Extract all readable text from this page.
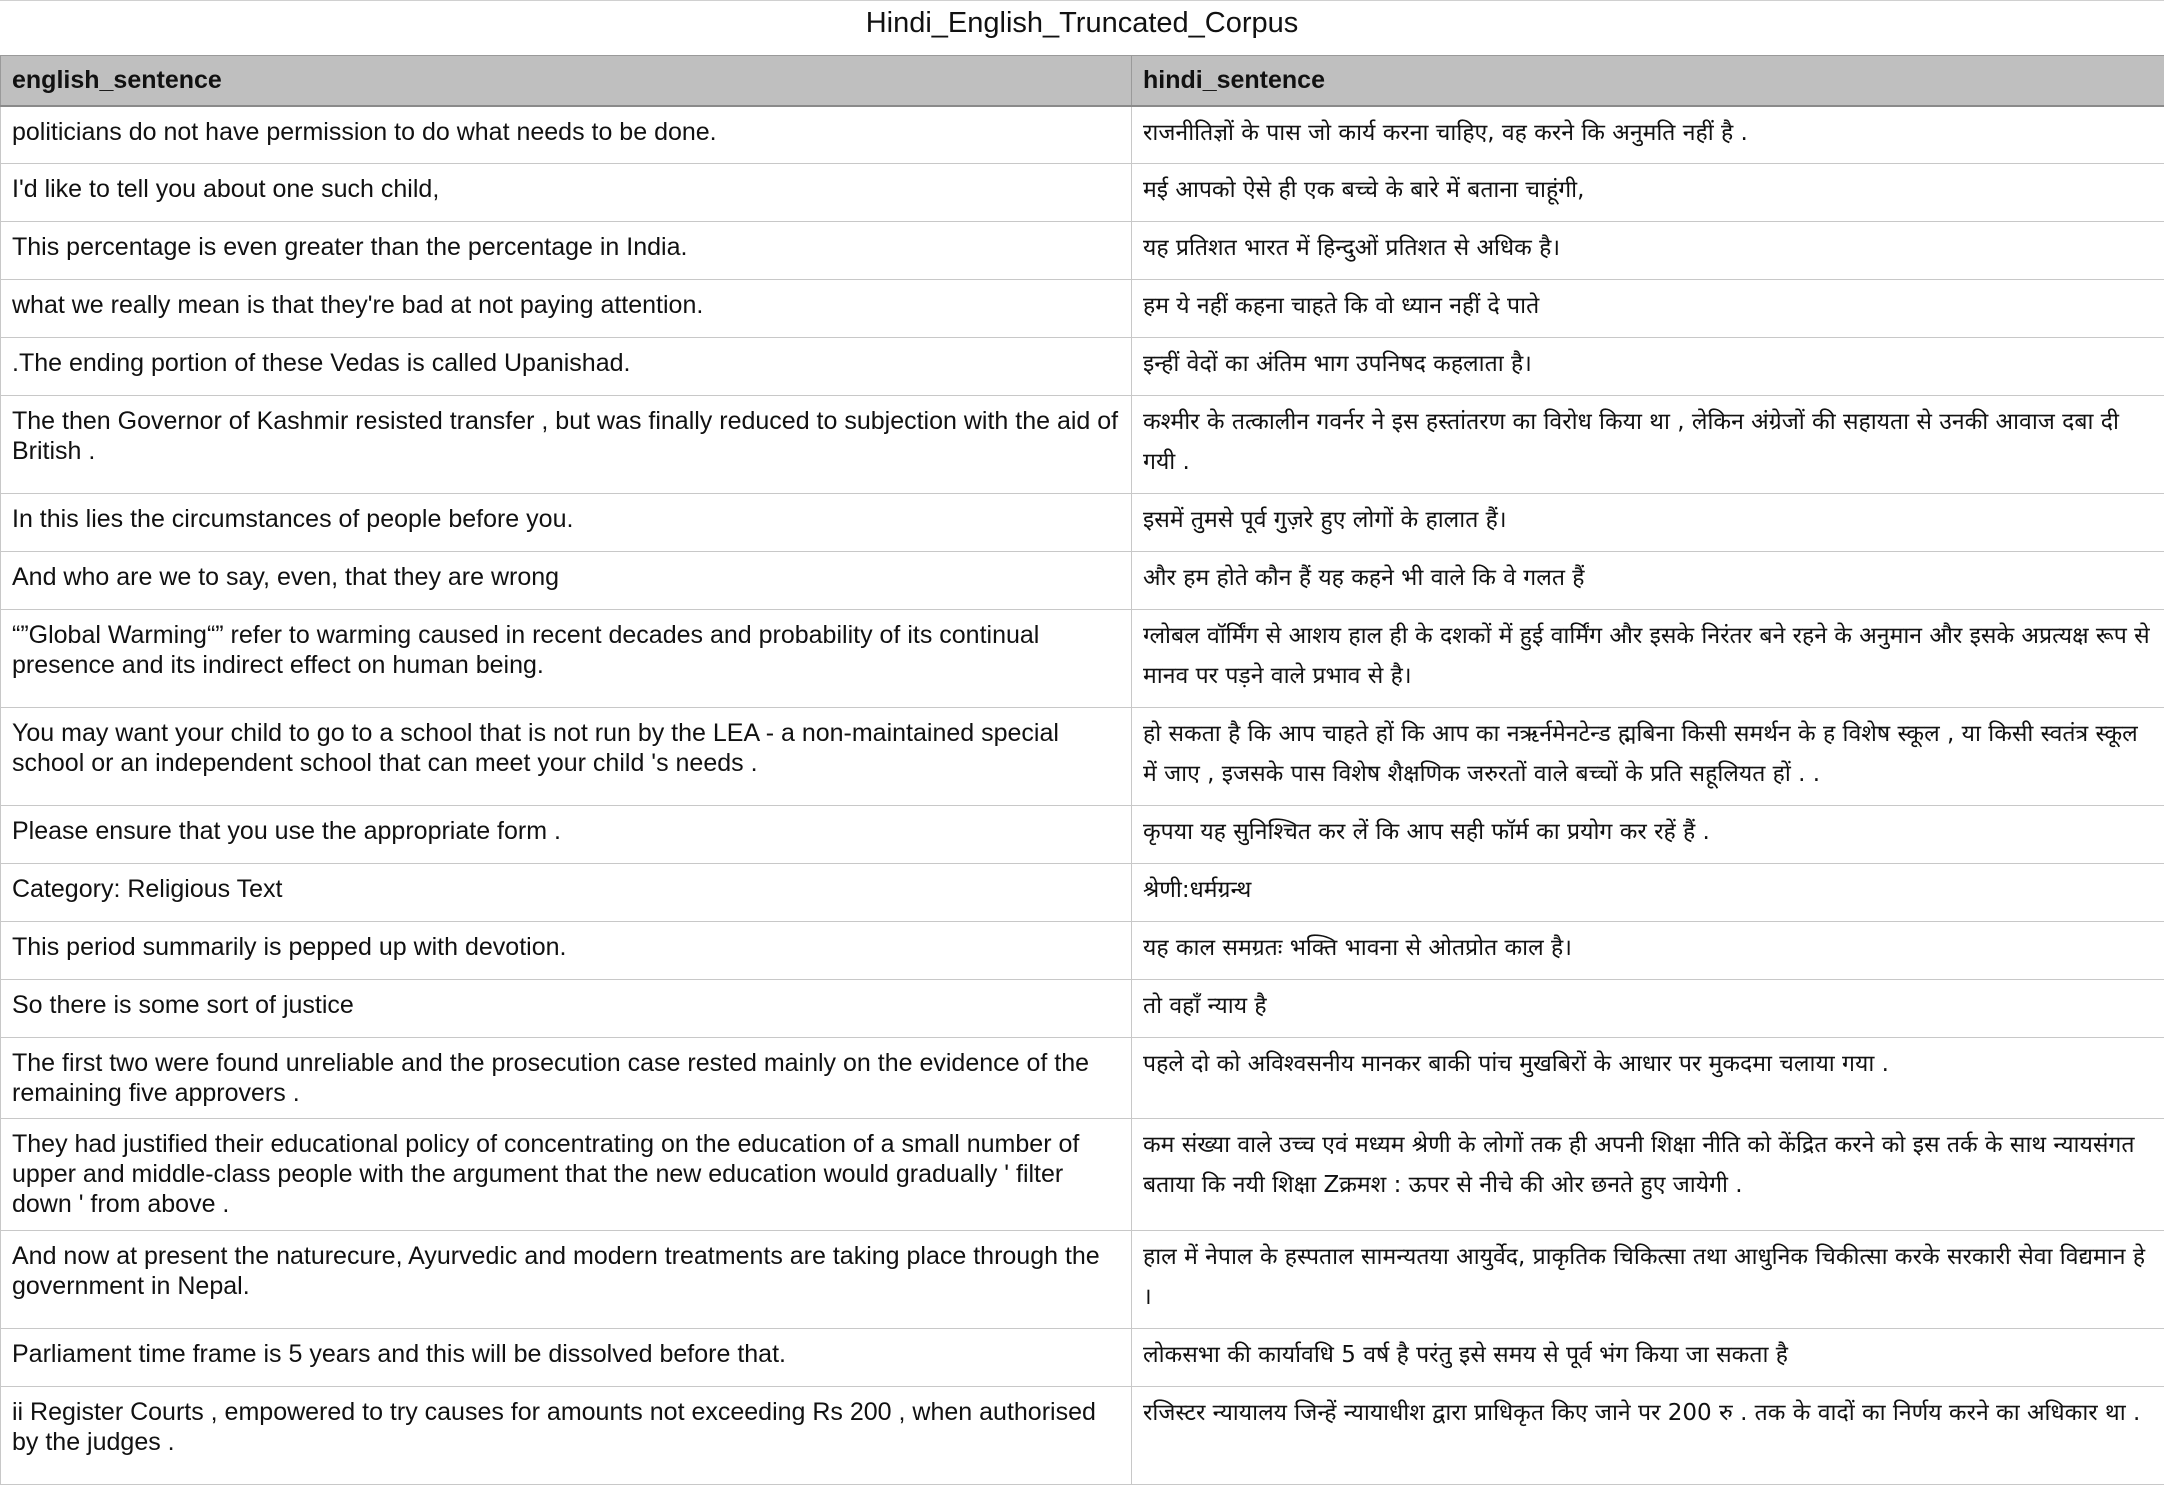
Hindi_English_Truncated_Corpus
english_sentence	hindi_sentence
politicians do not have permission to do what needs to be done.	राजनीतिज्ञों के पास जो कार्य करना चाहिए, वह करने कि अनुमति नहीं है .
I'd like to tell you about one such child,	मई आपको ऐसे ही एक बच्चे के बारे में बताना चाहूंगी,
This percentage is even greater than the percentage in India.	यह प्रतिशत भारत में हिन्दुओं प्रतिशत से अधिक है।
what we really mean is that they're bad at not paying attention.	हम ये नहीं कहना चाहते कि वो ध्यान नहीं दे पाते
.The ending portion of these Vedas is called Upanishad.	इन्हीं वेदों का अंतिम भाग उपनिषद कहलाता है।
The then Governor of Kashmir resisted transfer , but was finally reduced to subjection with the aid of British .	कश्मीर के तत्कालीन गवर्नर ने इस हस्तांतरण का विरोध किया था , लेकिन अंग्रेजों की सहायता से उनकी आवाज दबा दी गयी .
In this lies the circumstances of people before you.	इसमें तुमसे पूर्व गुज़रे हुए लोगों के हालात हैं।
And who are we to say, even, that they are wrong	और हम होते कौन हैं यह कहने भी वाले कि वे गलत हैं
“”Global Warming“” refer to warming caused in recent decades and probability of its continual presence and its indirect effect on human being.	ग्लोबल वॉर्मिंग से आशय हाल ही के दशकों में हुई वार्मिंग और इसके निरंतर बने रहने के अनुमान और इसके अप्रत्यक्ष रूप से मानव पर पड़ने वाले प्रभाव से है।
You may want your child to go to a school that is not run by the LEA - a non-maintained special school or an independent school that can meet your child 's needs .	हो सकता है कि आप चाहते हों कि आप का नऋर्नमेनटेन्ड ह्मबिना किसी समर्थन के ह विशेष स्कूल , या किसी स्वतंत्र स्कूल में जाए , इजसके पास विशेष शैक्षणिक जरुरतों वाले बच्चों के प्रति सहूलियत हों . .
Please ensure that you use the appropriate form .	कृपया यह सुनिश्चित कर लें कि आप सही फॉर्म का प्रयोग कर रहें हैं .
Category: Religious Text	श्रेणी:धर्मग्रन्थ
This period summarily is pepped up with devotion.	यह काल समग्रतः भक्ति भावना से ओतप्रोत काल है।
So there is some sort of justice	तो वहाँ न्याय है
The first two were found unreliable and the prosecution case rested mainly on the evidence of the remaining five approvers .	पहले दो को अविश्वसनीय मानकर बाकी पांच मुखबिरों के आधार पर मुकदमा चलाया गया .
They had justified their educational policy of concentrating on the education of a small number of upper and middle-class people with the argument that the new education would gradually ' filter down ' from above .	कम संख्या वाले उच्च एवं मध्यम श्रेणी के लोगों तक ही अपनी शिक्षा नीति को केंद्रित करने को इस तर्क के साथ न्यायसंगत बताया कि नयी शिक्षा Zक्रमश : ऊपर से नीचे की ओर छनते हुए जायेगी .
And now at present the naturecure, Ayurvedic and modern treatments are taking place through the government in Nepal.	हाल में नेपाल के हस्पताल सामन्यतया आयुर्वेद, प्राकृतिक चिकित्सा तथा आधुनिक चिकीत्सा करके सरकारी सेवा विद्यमान हे ।
Parliament time frame is 5 years and this will be dissolved before that.	लोकसभा की कार्यावधि 5 वर्ष है परंतु इसे समय से पूर्व भंग किया जा सकता है
ii Register Courts , empowered to try causes for amounts not exceeding Rs 200 , when authorised by the judges .	रजिस्टर न्यायालय जिन्हें न्यायाधीश द्वारा प्राधिकृत किए जाने पर 200 रु . तक के वादों का निर्णय करने का अधिकार था .
